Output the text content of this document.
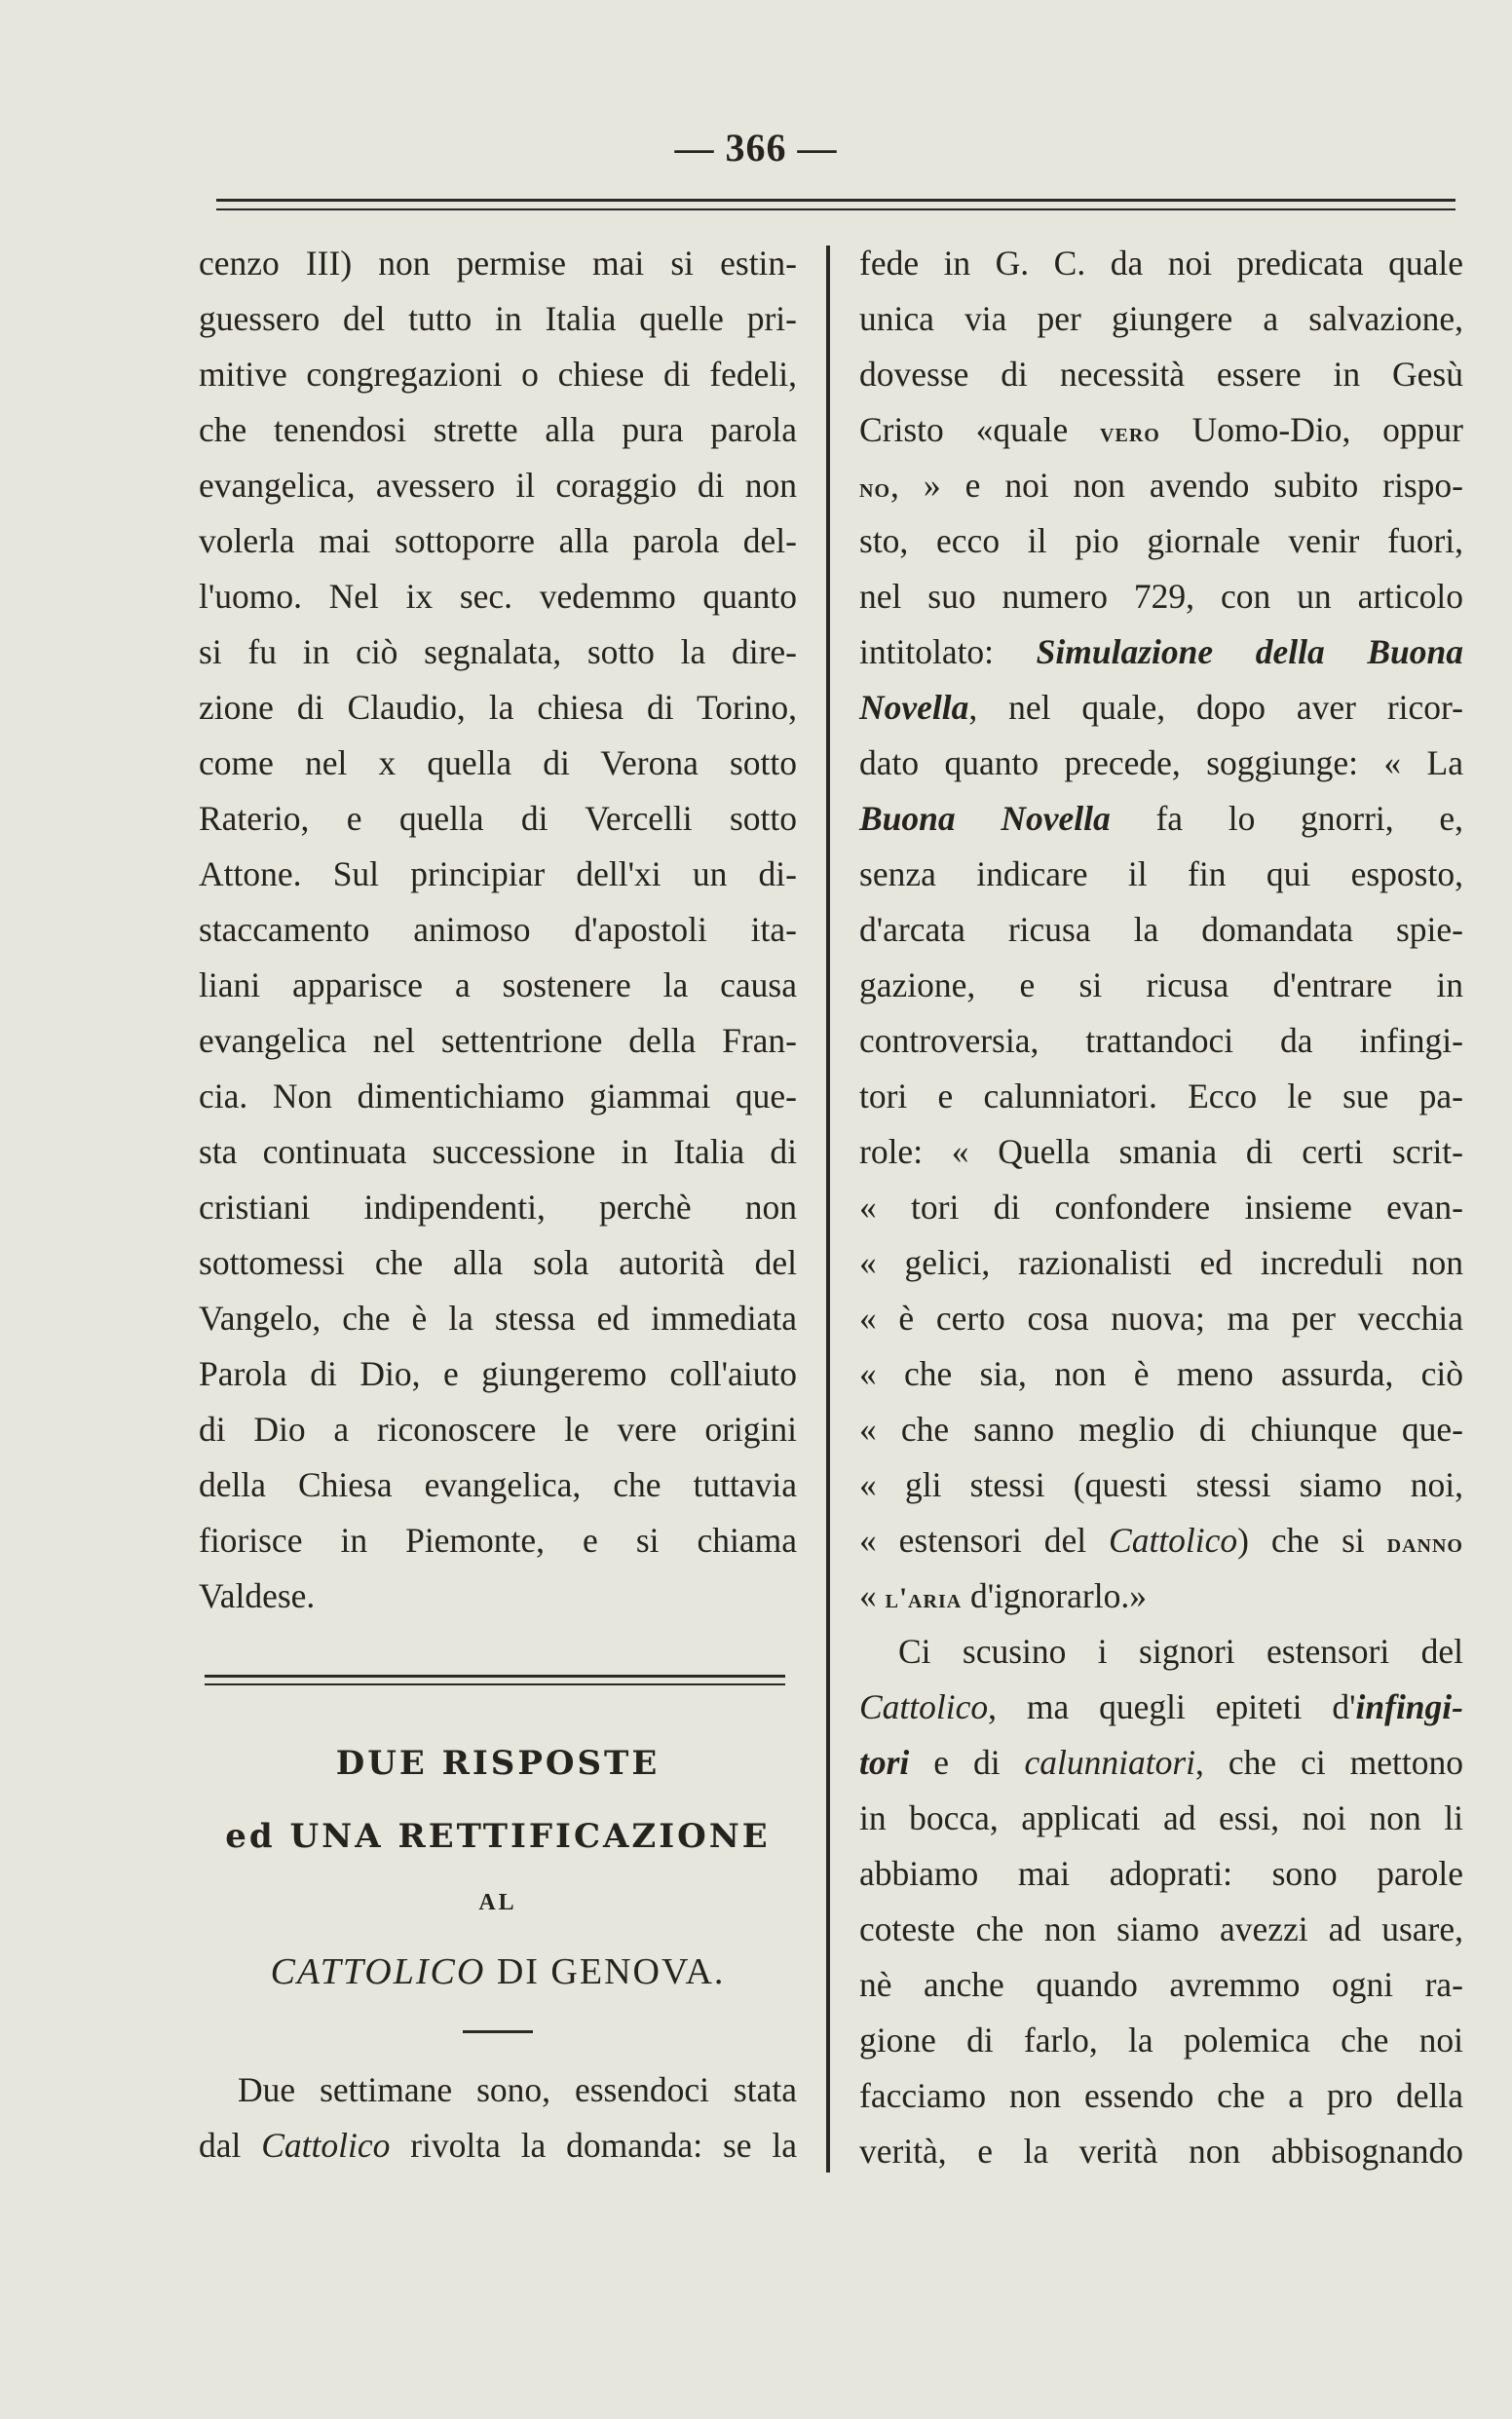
— 366 —
cenzo III) non permise mai si estin-
guessero del tutto in Italia quelle pri-
mitive congregazioni o chiese di fedeli,
che tenendosi strette alla pura parola
evangelica, avessero il coraggio di non
volerla mai sottoporre alla parola del-
l'uomo. Nel ix sec. vedemmo quanto
si fu in ciò segnalata, sotto la dire-
zione di Claudio, la chiesa di Torino,
come nel x quella di Verona sotto
Raterio, e quella di Vercelli sotto
Attone. Sul principiar dell'xi un di-
staccamento animoso d'apostoli ita-
liani apparisce a sostenere la causa
evangelica nel settentrione della Fran-
cia. Non dimentichiamo giammai que-
sta continuata successione in Italia di
cristiani indipendenti, perchè non
sottomessi che alla sola autorità del
Vangelo, che è la stessa ed immediata
Parola di Dio, e giungeremo coll'aiuto
di Dio a riconoscere le vere origini
della Chiesa evangelica, che tuttavia
fiorisce in Piemonte, e si chiama
Valdese.
DUE RISPOSTE
ed UNA RETTIFICAZIONE
AL
CATTOLICO DI GENOVA.
Due settimane sono, essendoci stata
dal Cattolico rivolta la domanda: se la
fede in G. C. da noi predicata quale
unica via per giungere a salvazione,
dovesse di necessità essere in Gesù
Cristo «quale vero Uomo-Dio, oppur
no, » e noi non avendo subito rispo-
sto, ecco il pio giornale venir fuori,
nel suo numero 729, con un articolo
intitolato: Simulazione della Buona
Novella, nel quale, dopo aver ricor-
dato quanto precede, soggiunge: « La
Buona Novella fa lo gnorri, e,
senza indicare il fin qui esposto,
d'arcata ricusa la domandata spie-
gazione, e si ricusa d'entrare in
controversia, trattandoci da infingi-
tori e calunniatori. Ecco le sue pa-
role: « Quella smania di certi scrit-
« tori di confondere insieme evan-
« gelici, razionalisti ed increduli non
« è certo cosa nuova; ma per vecchia
« che sia, non è meno assurda, ciò
« che sanno meglio di chiunque que-
« gli stessi (questi stessi siamo noi,
« estensori del Cattolico) che si danno
« l'aria d'ignorarlo.»
Ci scusino i signori estensori del
Cattolico, ma quegli epiteti d'infingi-
tori e di calunniatori, che ci mettono
in bocca, applicati ad essi, noi non li
abbiamo mai adoprati: sono parole
coteste che non siamo avezzi ad usare,
nè anche quando avremmo ogni ra-
gione di farlo, la polemica che noi
facciamo non essendo che a pro della
verità, e la verità non abbisognando
